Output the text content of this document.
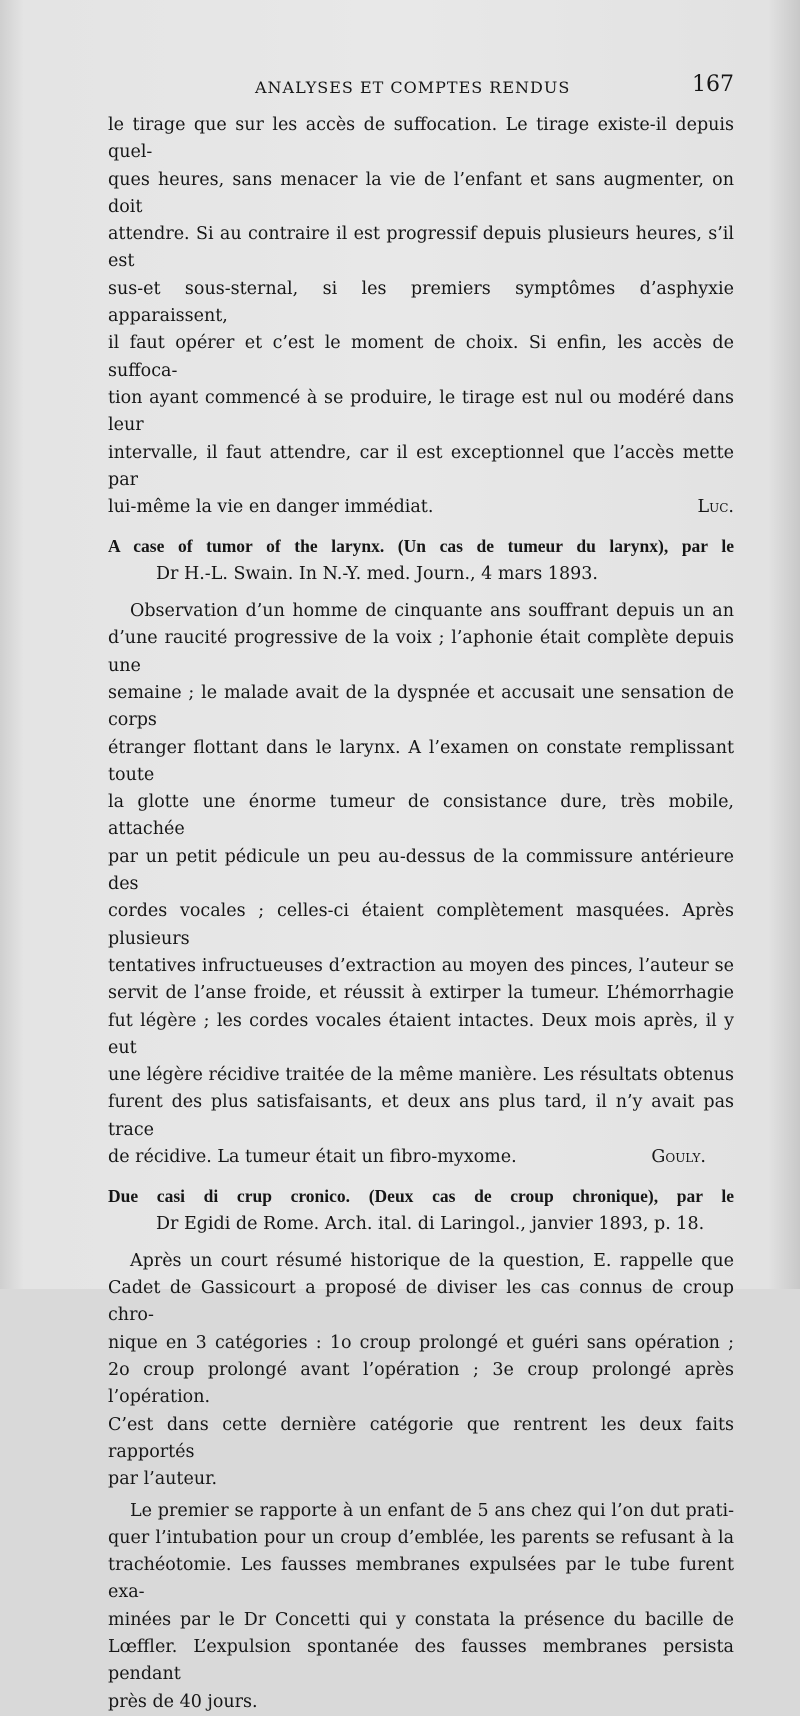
ANALYSES ET COMPTES RENDUS	167

le tirage que sur les accès de suffocation. Le tirage existe-il depuis quel-

ques heures, sans menacer la vie de l’enfant et sans augmenter, on doit

attendre. Si au contraire il est progressif depuis plusieurs heures, s’il est

sus-et sous-sternal, si les premiers symptômes d’asphyxie apparaissent,

il faut opérer et c’est le moment de choix. Si enfin, les accès de suffoca-

tion ayant commencé à se produire, le tirage est nul ou modéré dans leur

intervalle, il faut attendre, car il est exceptionnel que l’accès mette par

lui-même la vie en danger immédiat.	Luc.

A case of tumor of the larynx. (Un cas de tumeur du larynx), par le

Dr H.-L. Swain. In N.-Y. med. Journ., 4 mars 1893.

Observation d’un homme de cinquante ans souffrant depuis un an

d’une raucité progressive de la voix ; l’aphonie était complète depuis une

semaine ; le malade avait de la dyspnée et accusait une sensation de corps

étranger flottant dans le larynx. A l’examen on constate remplissant toute

la glotte une énorme tumeur de consistance dure, très mobile, attachée

par un petit pédicule un peu au-dessus de la commissure antérieure des

cordes vocales ; celles-ci étaient complètement masquées. Après plusieurs

tentatives infructueuses d’extraction au moyen des pinces, l’auteur se

servit de l’anse froide, et réussit à extirper la tumeur. L’hémorrhagie

fut légère ; les cordes vocales étaient intactes. Deux mois après, il y eut

une légère récidive traitée de la même manière. Les résultats obtenus

furent des plus satisfaisants, et deux ans plus tard, il n’y avait pas trace

de récidive. La tumeur était un fibro-myxome.	Gouly.

Due casi di crup cronico. (Deux cas de croup chronique), par le

Dr Egidi de Rome. Arch. ital. di Laringol., janvier 1893, p. 18.

Après un court résumé historique de la question, E. rappelle que

Cadet de Gassicourt a proposé de diviser les cas connus de croup chro-

nique en 3 catégories : 1o croup prolongé et guéri sans opération ;

2o croup prolongé avant l’opération ; 3e croup prolongé après l’opération.

C’est dans cette dernière catégorie que rentrent les deux faits rapportés

par l’auteur.

Le premier se rapporte à un enfant de 5 ans chez qui l’on dut prati-

quer l’intubation pour un croup d’emblée, les parents se refusant à la

trachéotomie. Les fausses membranes expulsées par le tube furent exa-

minées par le Dr Concetti qui y constata la présence du bacille de

Lœffler. L’expulsion spontanée des fausses membranes persista pendant

près de 40 jours.
